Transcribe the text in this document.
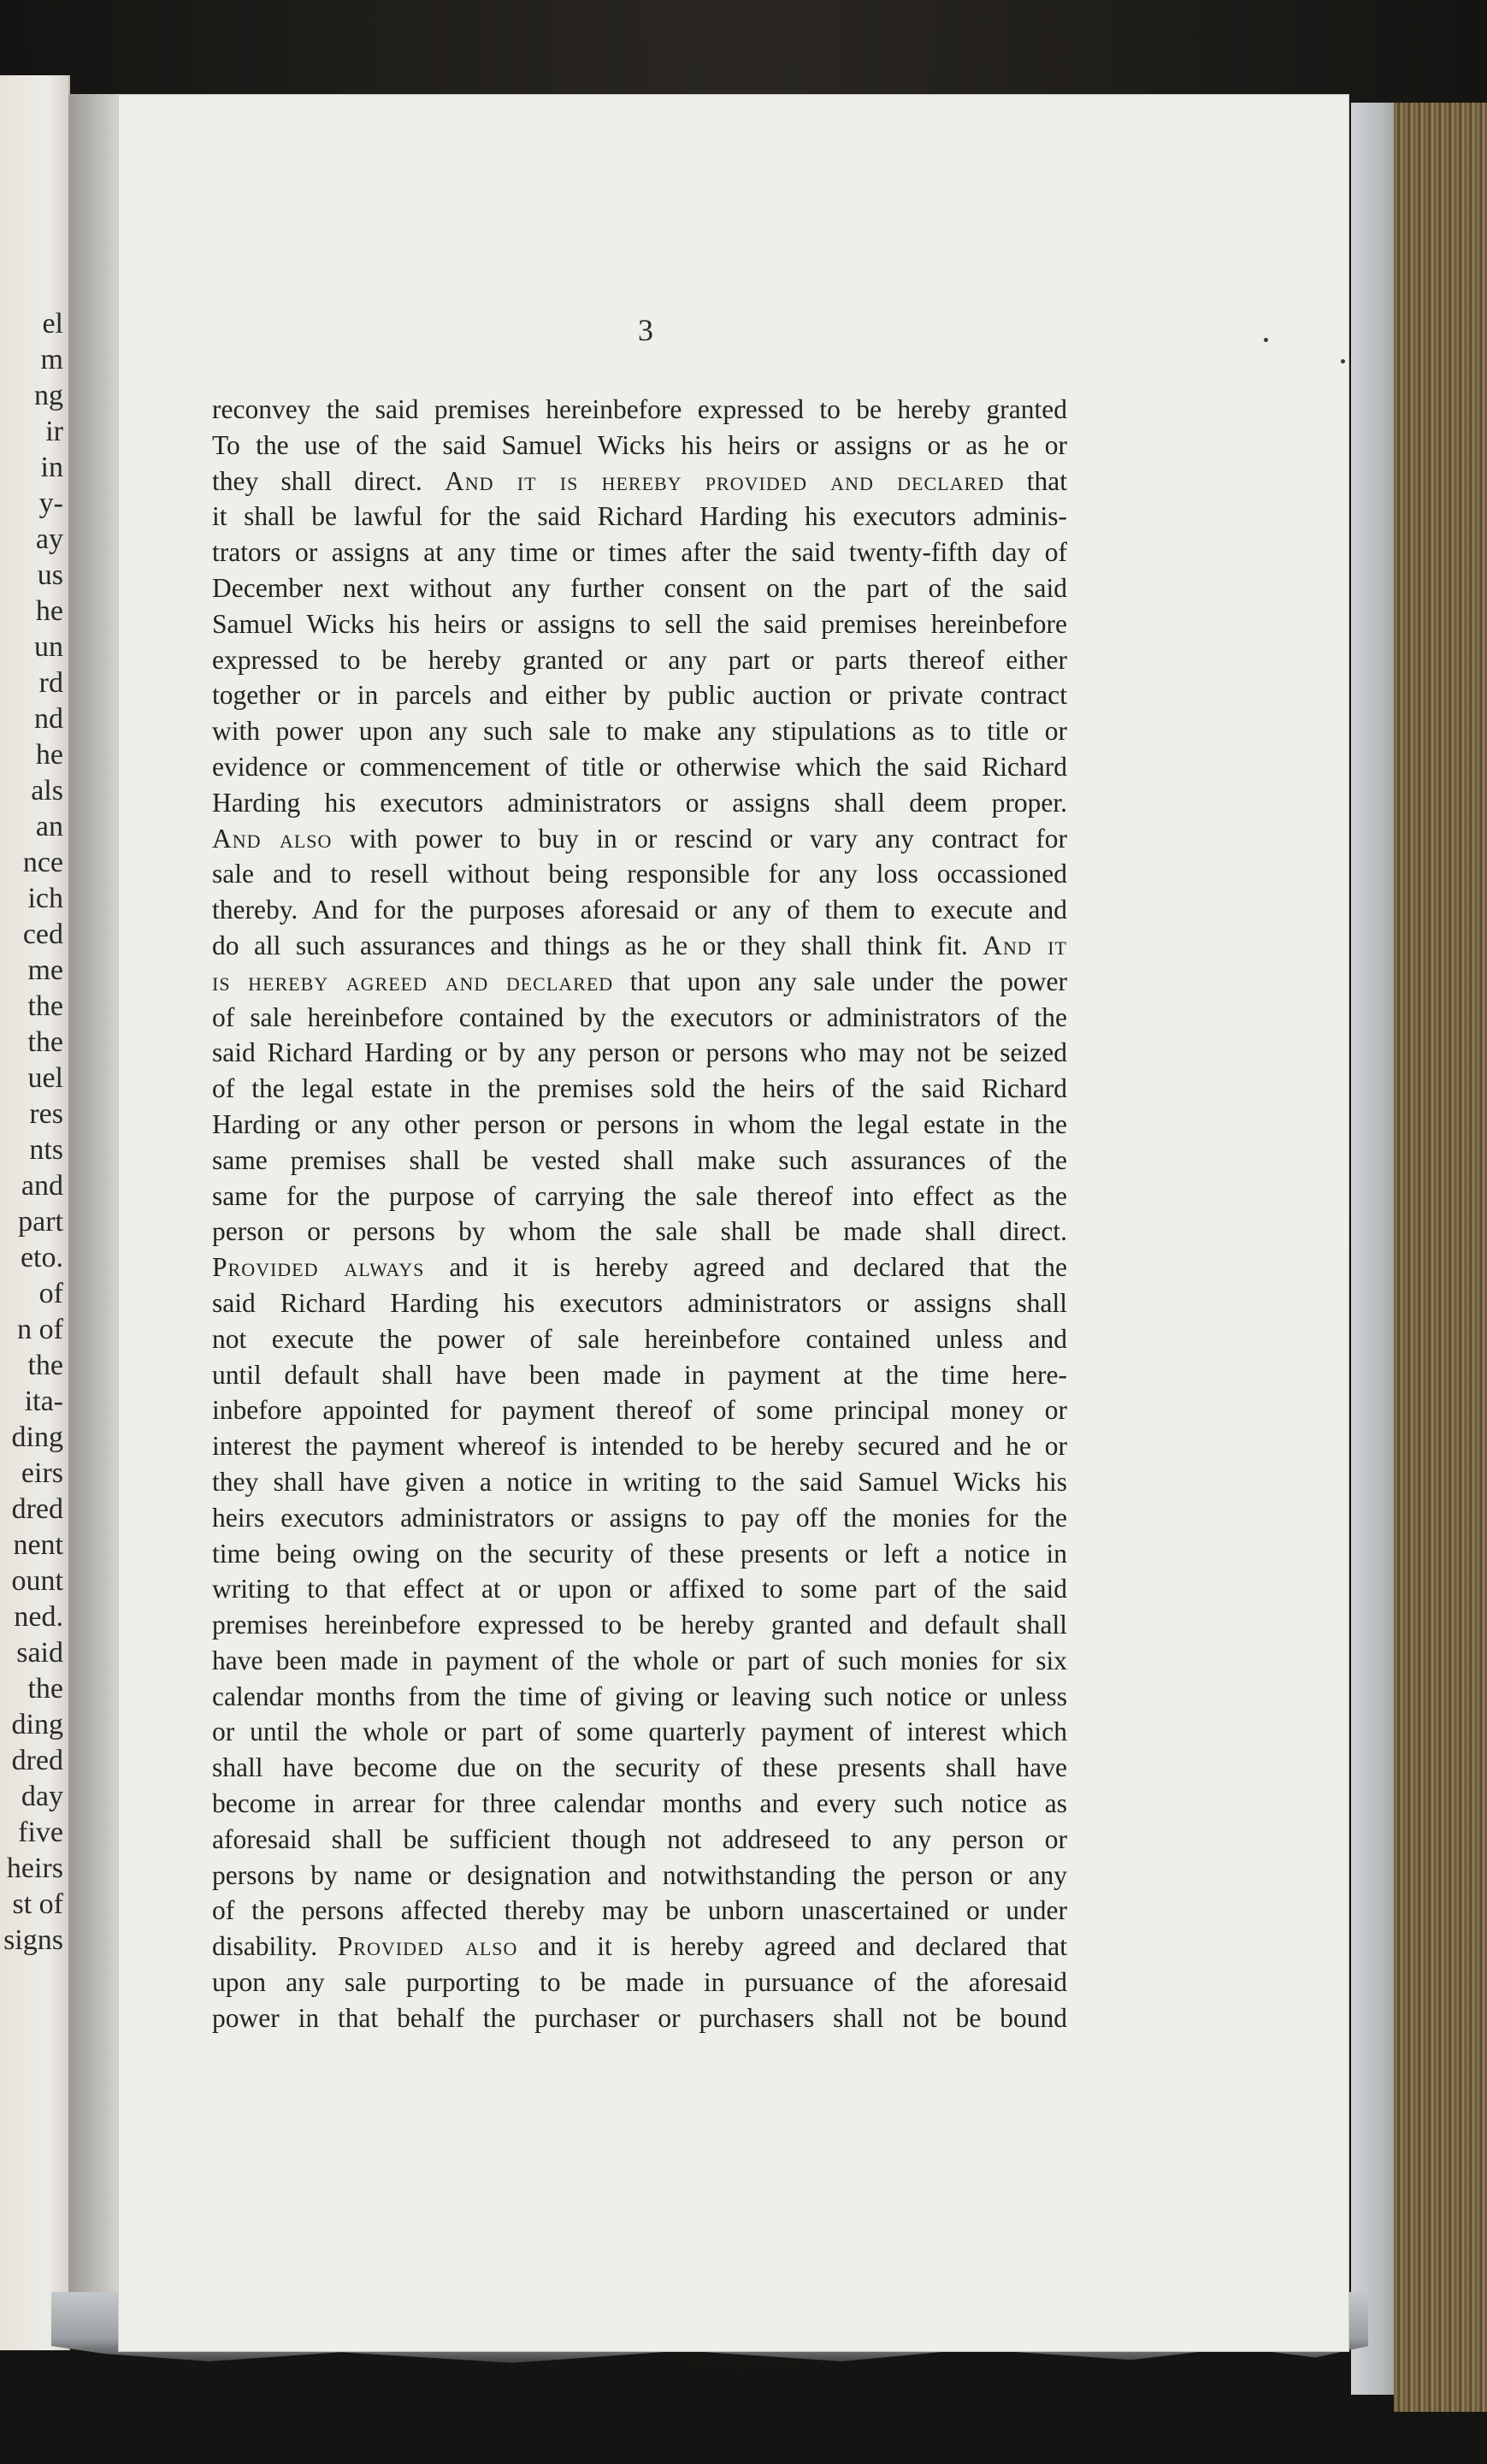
el
m
ng
ir
in
y-
ay
us
he
un
rd
nd
he
als
an
nce
ich
ced
me
the
the
uel
res
nts
and
part
eto.
of
n of
the
ita-
ding
eirs
dred
nent
ount
ned.
said
the
ding
dred
day
five
heirs
st of
signs
3
reconvey the said premises hereinbefore expressed to be hereby granted
To the use of the said Samuel Wicks his heirs or assigns or as he or
they shall direct. And it is hereby provided and declared that
it shall be lawful for the said Richard Harding his executors adminis-
trators or assigns at any time or times after the said twenty-fifth day of
December next without any further consent on the part of the said
Samuel Wicks his heirs or assigns to sell the said premises hereinbefore
expressed to be hereby granted or any part or parts thereof either
together or in parcels and either by public auction or private contract
with power upon any such sale to make any stipulations as to title or
evidence or commencement of title or otherwise which the said Richard
Harding his executors administrators or assigns shall deem proper.
And also with power to buy in or rescind or vary any contract for
sale and to resell without being responsible for any loss occassioned
thereby. And for the purposes aforesaid or any of them to execute and
do all such assurances and things as he or they shall think fit. And it
is hereby agreed and declared that upon any sale under the power
of sale hereinbefore contained by the executors or administrators of the
said Richard Harding or by any person or persons who may not be seized
of the legal estate in the premises sold the heirs of the said Richard
Harding or any other person or persons in whom the legal estate in the
same premises shall be vested shall make such assurances of the
same for the purpose of carrying the sale thereof into effect as the
person or persons by whom the sale shall be made shall direct.
Provided always and it is hereby agreed and declared that the
said Richard Harding his executors administrators or assigns shall
not execute the power of sale hereinbefore contained unless and
until default shall have been made in payment at the time here-
inbefore appointed for payment thereof of some principal money or
interest the payment whereof is intended to be hereby secured and he or
they shall have given a notice in writing to the said Samuel Wicks his
heirs executors administrators or assigns to pay off the monies for the
time being owing on the security of these presents or left a notice in
writing to that effect at or upon or affixed to some part of the said
premises hereinbefore expressed to be hereby granted and default shall
have been made in payment of the whole or part of such monies for six
calendar months from the time of giving or leaving such notice or unless
or until the whole or part of some quarterly payment of interest which
shall have become due on the security of these presents shall have
become in arrear for three calendar months and every such notice as
aforesaid shall be sufficient though not addreseed to any person or
persons by name or designation and notwithstanding the person or any
of the persons affected thereby may be unborn unascertained or under
disability. Provided also and it is hereby agreed and declared that
upon any sale purporting to be made in pursuance of the aforesaid
power in that behalf the purchaser or purchasers shall not be bound
